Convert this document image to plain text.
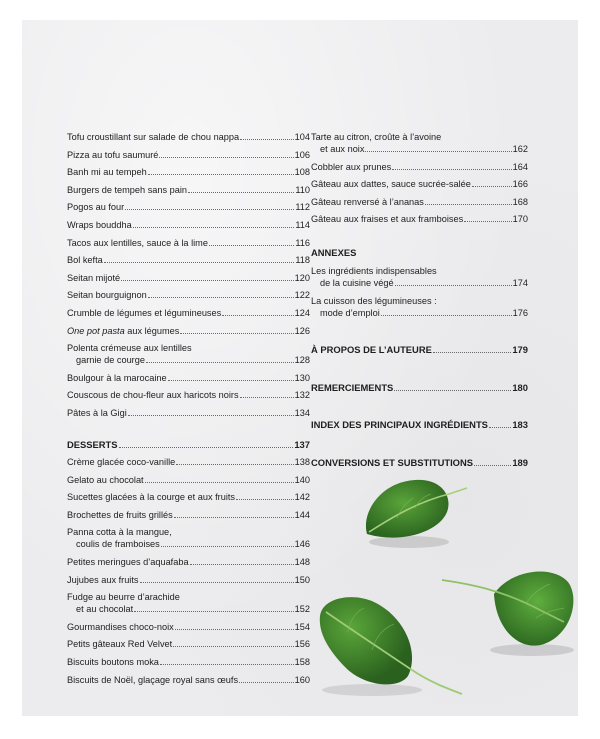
Tofu croustillant sur salade de chou nappa	104
Pizza au tofu saumuré	106
Banh mi au tempeh	108
Burgers de tempeh sans pain	110
Pogos au four	112
Wraps bouddha	114
Tacos aux lentilles, sauce à la lime	116
Bol kefta	118
Seitan mijoté	120
Seitan bourguignon	122
Crumble de légumes et légumineuses	124
One pot pasta aux légumes	126
Polenta crémeuse aux lentilles
garnie de courge	128
Boulgour à la marocaine	130
Couscous de chou-fleur aux haricots noirs	132
Pâtes à la Gigi	134
DESSERTS	137
Crème glacée coco-vanille	138
Gelato au chocolat	140
Sucettes glacées à la courge et aux fruits	142
Brochettes de fruits grillés	144
Panna cotta à la mangue,
coulis de framboises	146
Petites meringues d’aquafaba	148
Jujubes aux fruits	150
Fudge au beurre d’arachide
et au chocolat	152
Gourmandises choco-noix	154
Petits gâteaux Red Velvet	156
Biscuits boutons moka	158
Biscuits de Noël, glaçage royal sans œufs	160
Tarte au citron, croûte à l’avoine
et aux noix	162
Cobbler aux prunes	164
Gâteau aux dattes, sauce sucrée-salée	166
Gâteau renversé à l’ananas	168
Gâteau aux fraises et aux framboises	170
ANNEXES
Les ingrédients indispensables
de la cuisine végé	174
La cuisson des légumineuses :
mode d’emploi	176
À PROPOS DE L’AUTEURE	179
REMERCIEMENTS	180
INDEX DES PRINCIPAUX INGRÉDIENTS	183
CONVERSIONS ET SUBSTITUTIONS	189
